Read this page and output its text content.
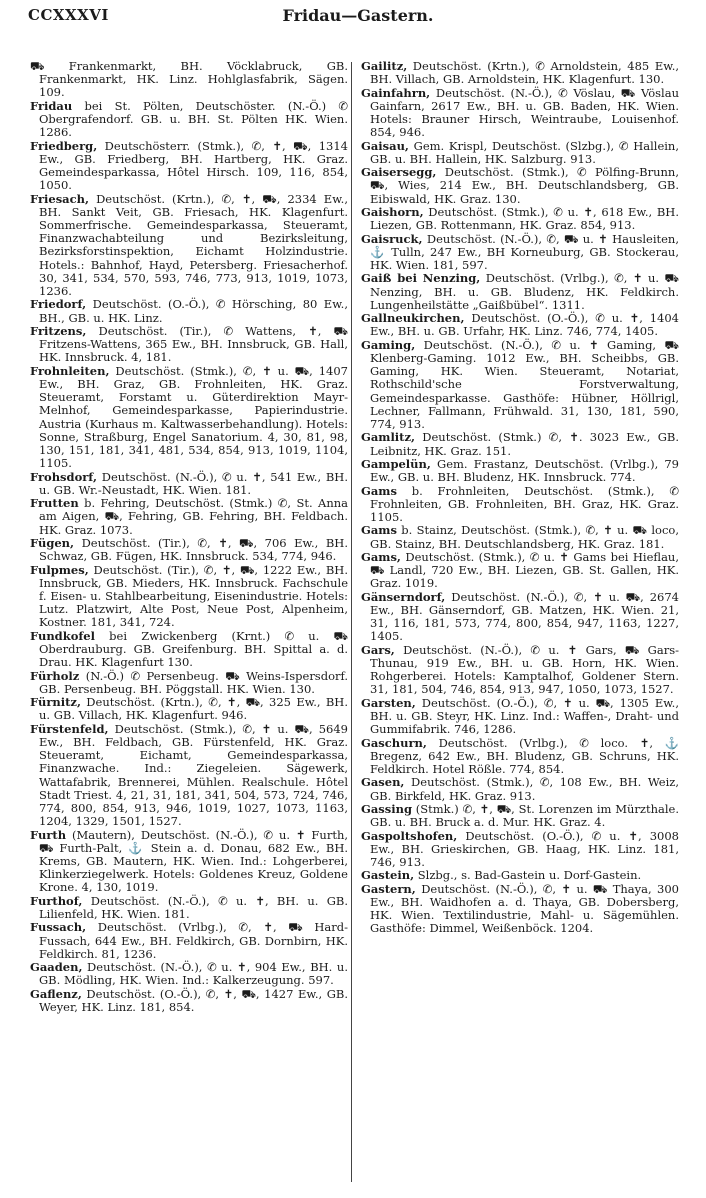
CCXXXVI	Fridau—Gastern.
⛟ Frankenmarkt, BH. Vöcklabruck, GB. Frankenmarkt, HK. Linz. Hohlglasfabrik, Sägen. 109.
Fridau bei St. Pölten, Deutschöster. (N.-Ö.) ✆ Obergrafendorf. GB. u. BH. St. Pölten HK. Wien. 1286.
Friedberg, Deutschösterr. (Stmk.), ✆, ✝, ⛟, 1314 Ew., GB. Friedberg, BH. Hartberg, HK. Graz. Gemeindesparkassa, Hôtel Hirsch. 109, 116, 854, 1050.
Friesach, Deutschöst. (Krtn.), ✆, ✝, ⛟, 2334 Ew., BH. Sankt Veit, GB. Friesach, HK. Klagenfurt. Sommerfrische. Gemeindesparkassa, Steueramt, Finanzwachabteilung und Bezirksleitung, Bezirksforstinspektion, Eichamt Holzindustrie. Hotels.: Bahnhof, Hayd, Petersberg. Friesacherhof. 30, 341, 534, 570, 593, 746, 773, 913, 1019, 1073, 1236.
Friedorf, Deutschöst. (O.-Ö.), ✆ Hörsching, 80 Ew., BH., GB. u. HK. Linz.
Fritzens, Deutschöst. (Tir.), ✆ Wattens, ✝, ⛟ Fritzens-Wattens, 365 Ew., BH. Innsbruck, GB. Hall, HK. Innsbruck. 4, 181.
Frohnleiten, Deutschöst. (Stmk.), ✆, ✝ u. ⛟, 1407 Ew., BH. Graz, GB. Frohnleiten, HK. Graz. Steueramt, Forstamt u. Güterdirektion Mayr-Melnhof, Gemeindesparkasse, Papierindustrie. Austria (Kurhaus m. Kaltwasserbehandlung). Hotels: Sonne, Straßburg, Engel Sanatorium. 4, 30, 81, 98, 130, 151, 181, 341, 481, 534, 854, 913, 1019, 1104, 1105.
Frohsdorf, Deutschöst. (N.-Ö.), ✆ u. ✝, 541 Ew., BH. u. GB. Wr.-Neustadt, HK. Wien. 181.
Frutten b. Fehring, Deutschöst. (Stmk.) ✆, St. Anna am Aigen, ⛟, Fehring, GB. Fehring, BH. Feldbach. HK. Graz. 1073.
Fügen, Deutschöst. (Tir.), ✆, ✝, ⛟, 706 Ew., BH. Schwaz, GB. Fügen, HK. Innsbruck. 534, 774, 946.
Fulpmes, Deutschöst. (Tir.), ✆, ✝, ⛟, 1222 Ew., BH. Innsbruck, GB. Mieders, HK. Innsbruck. Fachschule f. Eisen- u. Stahlbearbeitung, Eisenindustrie. Hotels: Lutz. Platzwirt, Alte Post, Neue Post, Alpenheim, Kostner. 181, 341, 724.
Fundkofel bei Zwickenberg (Krnt.) ✆ u. ⛟ Oberdrauburg. GB. Greifenburg. BH. Spittal a. d. Drau. HK. Klagenfurt 130.
Fürholz (N.-Ö.) ✆ Persenbeug. ⛟ Weins-Ispersdorf. GB. Persenbeug. BH. Pöggstall. HK. Wien. 130.
Fürnitz, Deutschöst. (Krtn.), ✆, ✝, ⛟, 325 Ew., BH. u. GB. Villach, HK. Klagenfurt. 946.
Fürstenfeld, Deutschöst. (Stmk.), ✆, ✝ u. ⛟, 5649 Ew., BH. Feldbach, GB. Fürstenfeld, HK. Graz. Steueramt, Eichamt, Gemeindesparkassa, Finanzwache. Ind.: Ziegeleien. Sägewerk, Wattafabrik, Brennerei, Mühlen. Realschule. Hôtel Stadt Triest. 4, 21, 31, 181, 341, 504, 573, 724, 746, 774, 800, 854, 913, 946, 1019, 1027, 1073, 1163, 1204, 1329, 1501, 1527.
Furth (Mautern), Deutschöst. (N.-Ö.), ✆ u. ✝ Furth, ⛟ Furth-Palt, ⚓ Stein a. d. Donau, 682 Ew., BH. Krems, GB. Mautern, HK. Wien. Ind.: Lohgerberei, Klinkerziegelwerk. Hotels: Goldenes Kreuz, Goldene Krone. 4, 130, 1019.
Furthof, Deutschöst. (N.-Ö.), ✆ u. ✝, BH. u. GB. Lilienfeld, HK. Wien. 181.
Fussach, Deutschöst. (Vrlbg.), ✆, ✝, ⛟ Hard-Fussach, 644 Ew., BH. Feldkirch, GB. Dornbirn, HK. Feldkirch. 81, 1236.
Gaaden, Deutschöst. (N.-Ö.), ✆ u. ✝, 904 Ew., BH. u. GB. Mödling, HK. Wien. Ind.: Kalkerzeugung. 597.
Gaflenz, Deutschöst. (O.-Ö.), ✆, ✝, ⛟, 1427 Ew., GB. Weyer, HK. Linz. 181, 854.
Gailitz, Deutschöst. (Krtn.), ✆ Arnoldstein, 485 Ew., BH. Villach, GB. Arnoldstein, HK. Klagenfurt. 130.
Gainfahrn, Deutschöst. (N.-Ö.), ✆ Vöslau, ⛟ Vöslau Gainfarn, 2617 Ew., BH. u. GB. Baden, HK. Wien. Hotels: Brauner Hirsch, Weintraube, Louisenhof. 854, 946.
Gaisau, Gem. Krispl, Deutschöst. (Slzbg.), ✆ Hallein, GB. u. BH. Hallein, HK. Salzburg. 913.
Gaisersegg, Deutschöst. (Stmk.), ✆ Pölfing-Brunn, ⛟, Wies, 214 Ew., BH. Deutschlandsberg, GB. Eibiswald, HK. Graz. 130.
Gaishorn, Deutschöst. (Stmk.), ✆ u. ✝, 618 Ew., BH. Liezen, GB. Rottenmann, HK. Graz. 854, 913.
Gaisruck, Deutschöst. (N.-Ö.), ✆, ⛟ u. ✝ Hausleiten, ⚓ Tulln, 247 Ew., BH Korneuburg, GB. Stockerau, HK. Wien. 181, 597.
Gaiß bei Nenzing, Deutschöst. (Vrlbg.), ✆, ✝ u. ⛟ Nenzing, BH. u. GB. Bludenz, HK. Feldkirch. Lungenheilstätte „Gaißbübel“. 1311.
Gallneukirchen, Deutschöst. (O.-Ö.), ✆ u. ✝, 1404 Ew., BH. u. GB. Urfahr, HK. Linz. 746, 774, 1405.
Gaming, Deutschöst. (N.-Ö.), ✆ u. ✝ Gaming, ⛟ Klenberg-Gaming. 1012 Ew., BH. Scheibbs, GB. Gaming, HK. Wien. Steueramt, Notariat, Rothschild'sche Forstverwaltung, Gemeindesparkasse. Gasthöfe: Hübner, Höllrigl, Lechner, Fallmann, Frühwald. 31, 130, 181, 590, 774, 913.
Gamlitz, Deutschöst. (Stmk.) ✆, ✝. 3023 Ew., GB. Leibnitz, HK. Graz. 151.
Gampelün, Gem. Frastanz, Deutschöst. (Vrlbg.), 79 Ew., GB. u. BH. Bludenz, HK. Innsbruck. 774.
Gams b. Frohnleiten, Deutschöst. (Stmk.), ✆ Frohnleiten, GB. Frohnleiten, BH. Graz, HK. Graz. 1105.
Gams b. Stainz, Deutschöst. (Stmk.), ✆, ✝ u. ⛟ loco, GB. Stainz, BH. Deutschlandsberg, HK. Graz. 181.
Gams, Deutschöst. (Stmk.), ✆ u. ✝ Gams bei Hieflau, ⛟ Landl, 720 Ew., BH. Liezen, GB. St. Gallen, HK. Graz. 1019.
Gänserndorf, Deutschöst. (N.-Ö.), ✆, ✝ u. ⛟, 2674 Ew., BH. Gänserndorf, GB. Matzen, HK. Wien. 21, 31, 116, 181, 573, 774, 800, 854, 947, 1163, 1227, 1405.
Gars, Deutschöst. (N.-Ö.), ✆ u. ✝ Gars, ⛟ Gars-Thunau, 919 Ew., BH. u. GB. Horn, HK. Wien. Rohgerberei. Hotels: Kamptalhof, Goldener Stern. 31, 181, 504, 746, 854, 913, 947, 1050, 1073, 1527.
Garsten, Deutschöst. (O.-Ö.), ✆, ✝ u. ⛟, 1305 Ew., BH. u. GB. Steyr, HK. Linz. Ind.: Waffen-, Draht- und Gummifabrik. 746, 1286.
Gaschurn, Deutschöst. (Vrlbg.), ✆ loco. ✝, ⚓ Bregenz, 642 Ew., BH. Bludenz, GB. Schruns, HK. Feldkirch. Hotel Rößle. 774, 854.
Gasen, Deutschöst. (Stmk.), ✆, 108 Ew., BH. Weiz, GB. Birkfeld, HK. Graz. 913.
Gassing (Stmk.) ✆, ✝, ⛟, St. Lorenzen im Mürzthale. GB. u. BH. Bruck a. d. Mur. HK. Graz. 4.
Gaspoltshofen, Deutschöst. (O.-Ö.), ✆ u. ✝, 3008 Ew., BH. Grieskirchen, GB. Haag, HK. Linz. 181, 746, 913.
Gastein, Slzbg., s. Bad-Gastein u. Dorf-Gastein.
Gastern, Deutschöst. (N.-Ö.), ✆, ✝ u. ⛟ Thaya, 300 Ew., BH. Waidhofen a. d. Thaya, GB. Dobersberg, HK. Wien. Textilindustrie, Mahl- u. Sägemühlen. Gasthöfe: Dimmel, Weißenböck. 1204.
